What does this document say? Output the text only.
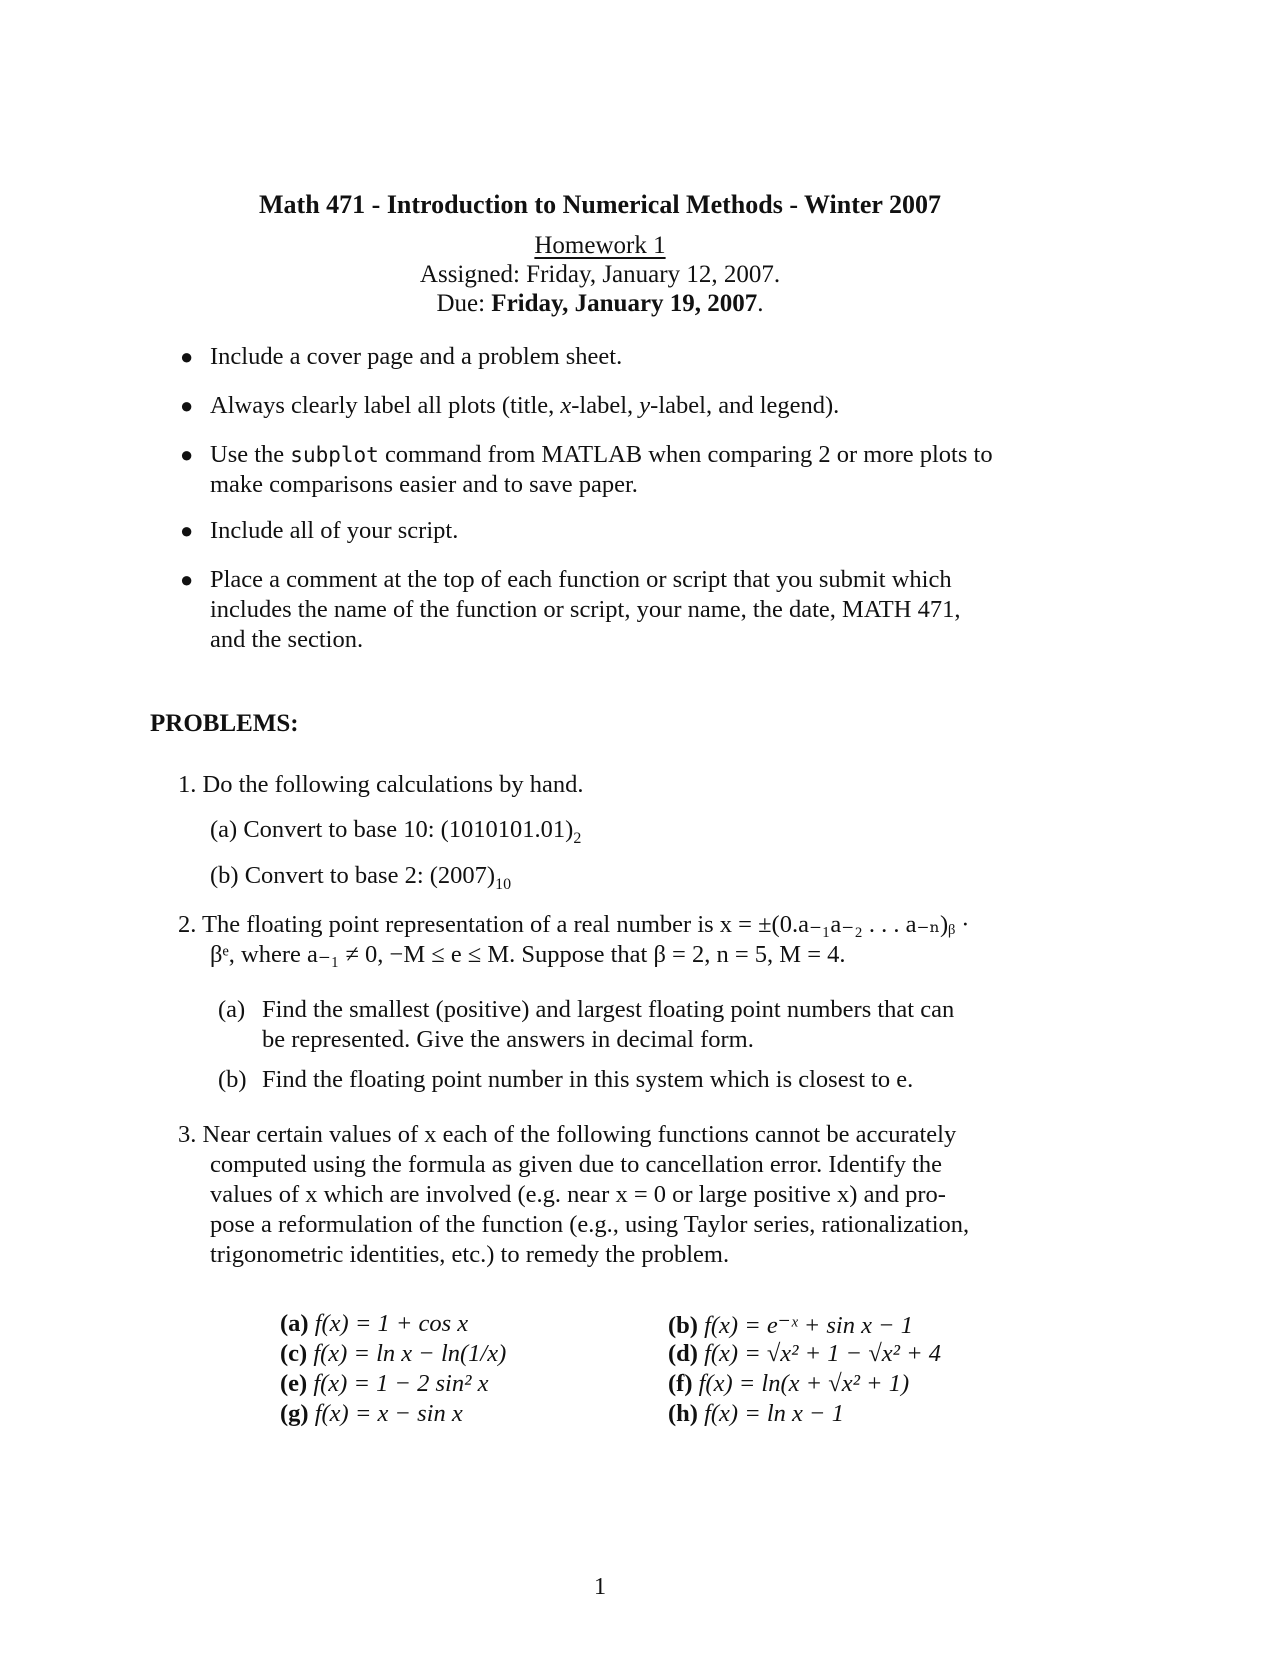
Math 471 - Introduction to Numerical Methods - Winter 2007
Homework 1
Assigned: Friday, January 12, 2007.
Due: Friday, January 19, 2007.
● Include a cover page and a problem sheet.
● Always clearly label all plots (title, x-label, y-label, and legend).
● Use the subplot command from MATLAB when comparing 2 or more plots to
make comparisons easier and to save paper.
● Include all of your script.
● Place a comment at the top of each function or script that you submit which
includes the name of the function or script, your name, the date, MATH 471,
and the section.
PROBLEMS:
1. Do the following calculations by hand.
(a) Convert to base 10: $(1010101.01)_2$
(b) Convert to base 2: $(2007)_{10}$
2. The floating point representation of a real number is x = ±(0.a₋₁a₋₂ . . . a₋ₙ)ᵦ ·
βᵉ, where a₋₁ ≠ 0, −M ≤ e ≤ M. Suppose that β = 2, n = 5, M = 4.
(a) Find the smallest (positive) and largest floating point numbers that can
be represented. Give the answers in decimal form.
(b) Find the floating point number in this system which is closest to e.
3. Near certain values of x each of the following functions cannot be accurately
computed using the formula as given due to cancellation error. Identify the
values of x which are involved (e.g. near x = 0 or large positive x) and pro-
pose a reformulation of the function (e.g., using Taylor series, rationalization,
trigonometric identities, etc.) to remedy the problem.
(a) f(x) = 1 + cos x	(b) f(x) = e⁻ˣ + sin x − 1
(c) f(x) = ln x − ln(1/x)	(d) f(x) = √x² + 1 − √x² + 4
(e) f(x) = 1 − 2 sin² x	(f) f(x) = ln(x + √x² + 1)
(g) f(x) = x − sin x	(h) f(x) = ln x − 1
1
